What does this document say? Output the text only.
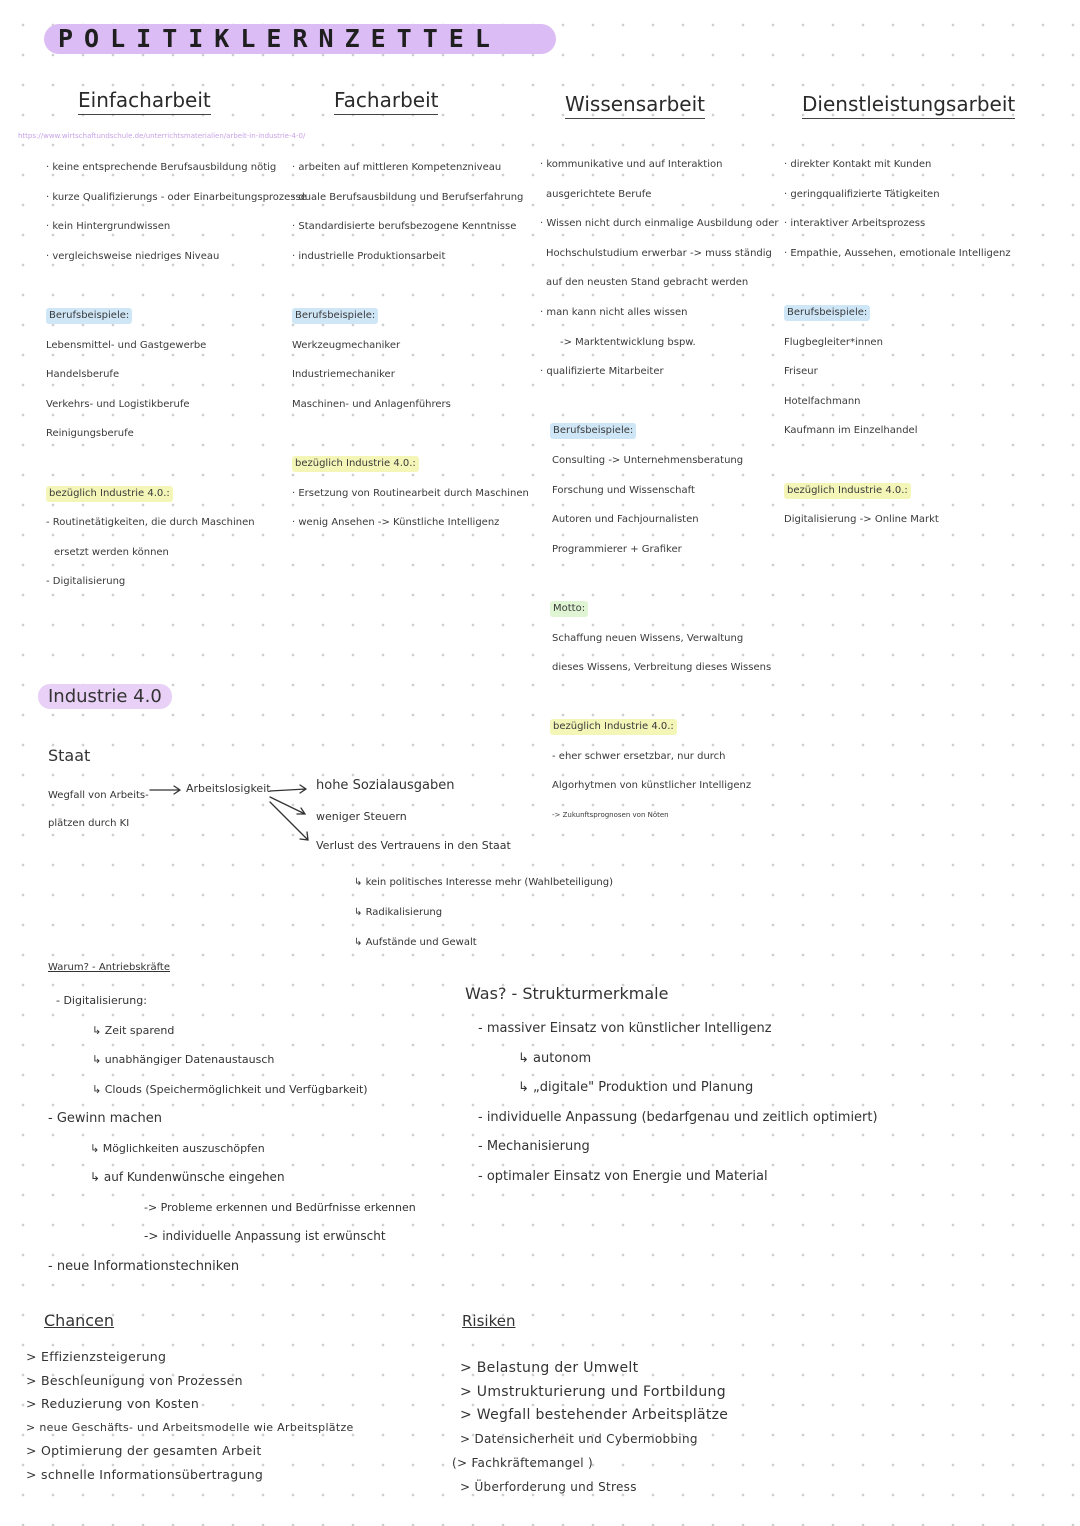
POLITIKLERNZETTEL
Einfacharbeit	Facharbeit	Wissensarbeit	Dienstleistungsarbeit
https://www.wirtschaftundschule.de/unterrichtsmaterialien/arbeit-in-industrie-4-0/
· keine entsprechende Berufsausbildung nötig
· kurze Qualifizierungs - oder Einarbeitungsprozesse
· kein Hintergrundwissen
· vergleichsweise niedriges Niveau
Berufsbeispiele:
Lebensmittel- und Gastgewerbe
Handelsberufe
Verkehrs- und Logistikberufe
Reinigungsberufe
bezüglich Industrie 4.0.:
- Routinetätigkeiten, die durch Maschinen
ersetzt werden können
- Digitalisierung
· arbeiten auf mittleren Kompetenzniveau
· duale Berufsausbildung und Berufserfahrung
· Standardisierte berufsbezogene Kenntnisse
· industrielle Produktionsarbeit
Berufsbeispiele:
Werkzeugmechaniker
Industriemechaniker
Maschinen- und Anlagenführers
bezüglich Industrie 4.0.:
· Ersetzung von Routinearbeit durch Maschinen
· wenig Ansehen -> Künstliche Intelligenz
· kommunikative und auf Interaktion
ausgerichtete Berufe
· Wissen nicht durch einmalige Ausbildung oder
Hochschulstudium erwerbar -> muss ständig
auf den neusten Stand gebracht werden
· man kann nicht alles wissen
-> Marktentwicklung bspw.
· qualifizierte Mitarbeiter
Berufsbeispiele:
Consulting -> Unternehmensberatung
Forschung und Wissenschaft
Autoren und Fachjournalisten
Programmierer + Grafiker
Motto:
Schaffung neuen Wissens, Verwaltung
dieses Wissens, Verbreitung dieses Wissens
bezüglich Industrie 4.0.:
- eher schwer ersetzbar, nur durch
Algorhytmen von künstlicher Intelligenz
-> Zukunftsprognosen von Nöten
· direkter Kontakt mit Kunden
· geringqualifizierte Tätigkeiten
· interaktiver Arbeitsprozess
· Empathie, Aussehen, emotionale Intelligenz
Berufsbeispiele:
Flugbegleiter*innen
Friseur
Hotelfachmann
Kaufmann im Einzelhandel
bezüglich Industrie 4.0.:
Digitalisierung -> Online Markt
Industrie 4.0
Staat
Wegfall von Arbeits-
plätzen durch KI
Arbeitslosigkeit	hohe Sozialausgaben
weniger Steuern
Verlust des Vertrauens in den Staat
↳ kein politisches Interesse mehr (Wahlbeteiligung)
↳ Radikalisierung
↳ Aufstände und Gewalt
Warum? - Antriebskräfte
- Digitalisierung:
↳ Zeit sparend
↳ unabhängiger Datenaustausch
↳ Clouds (Speichermöglichkeit und Verfügbarkeit)
- Gewinn machen
↳ Möglichkeiten auszuschöpfen
↳ auf Kundenwünsche eingehen
-> Probleme erkennen und Bedürfnisse erkennen
-> individuelle Anpassung ist erwünscht
- neue Informationstechniken
Was? - Strukturmerkmale
- massiver Einsatz von künstlicher Intelligenz
↳ autonom
↳ „digitale" Produktion und Planung
- individuelle Anpassung (bedarfgenau und zeitlich optimiert)
- Mechanisierung
- optimaler Einsatz von Energie und Material
Chancen
> Effizienzsteigerung
> Beschleunigung von Prozessen
> Reduzierung von Kosten
> neue Geschäfts- und Arbeitsmodelle wie Arbeitsplätze
> Optimierung der gesamten Arbeit
> schnelle Informationsübertragung
Risiken
> Belastung der Umwelt
> Umstrukturierung und Fortbildung
> Wegfall bestehender Arbeitsplätze
> Datensicherheit und Cybermobbing
(> Fachkräftemangel )
> Überforderung und Stress
